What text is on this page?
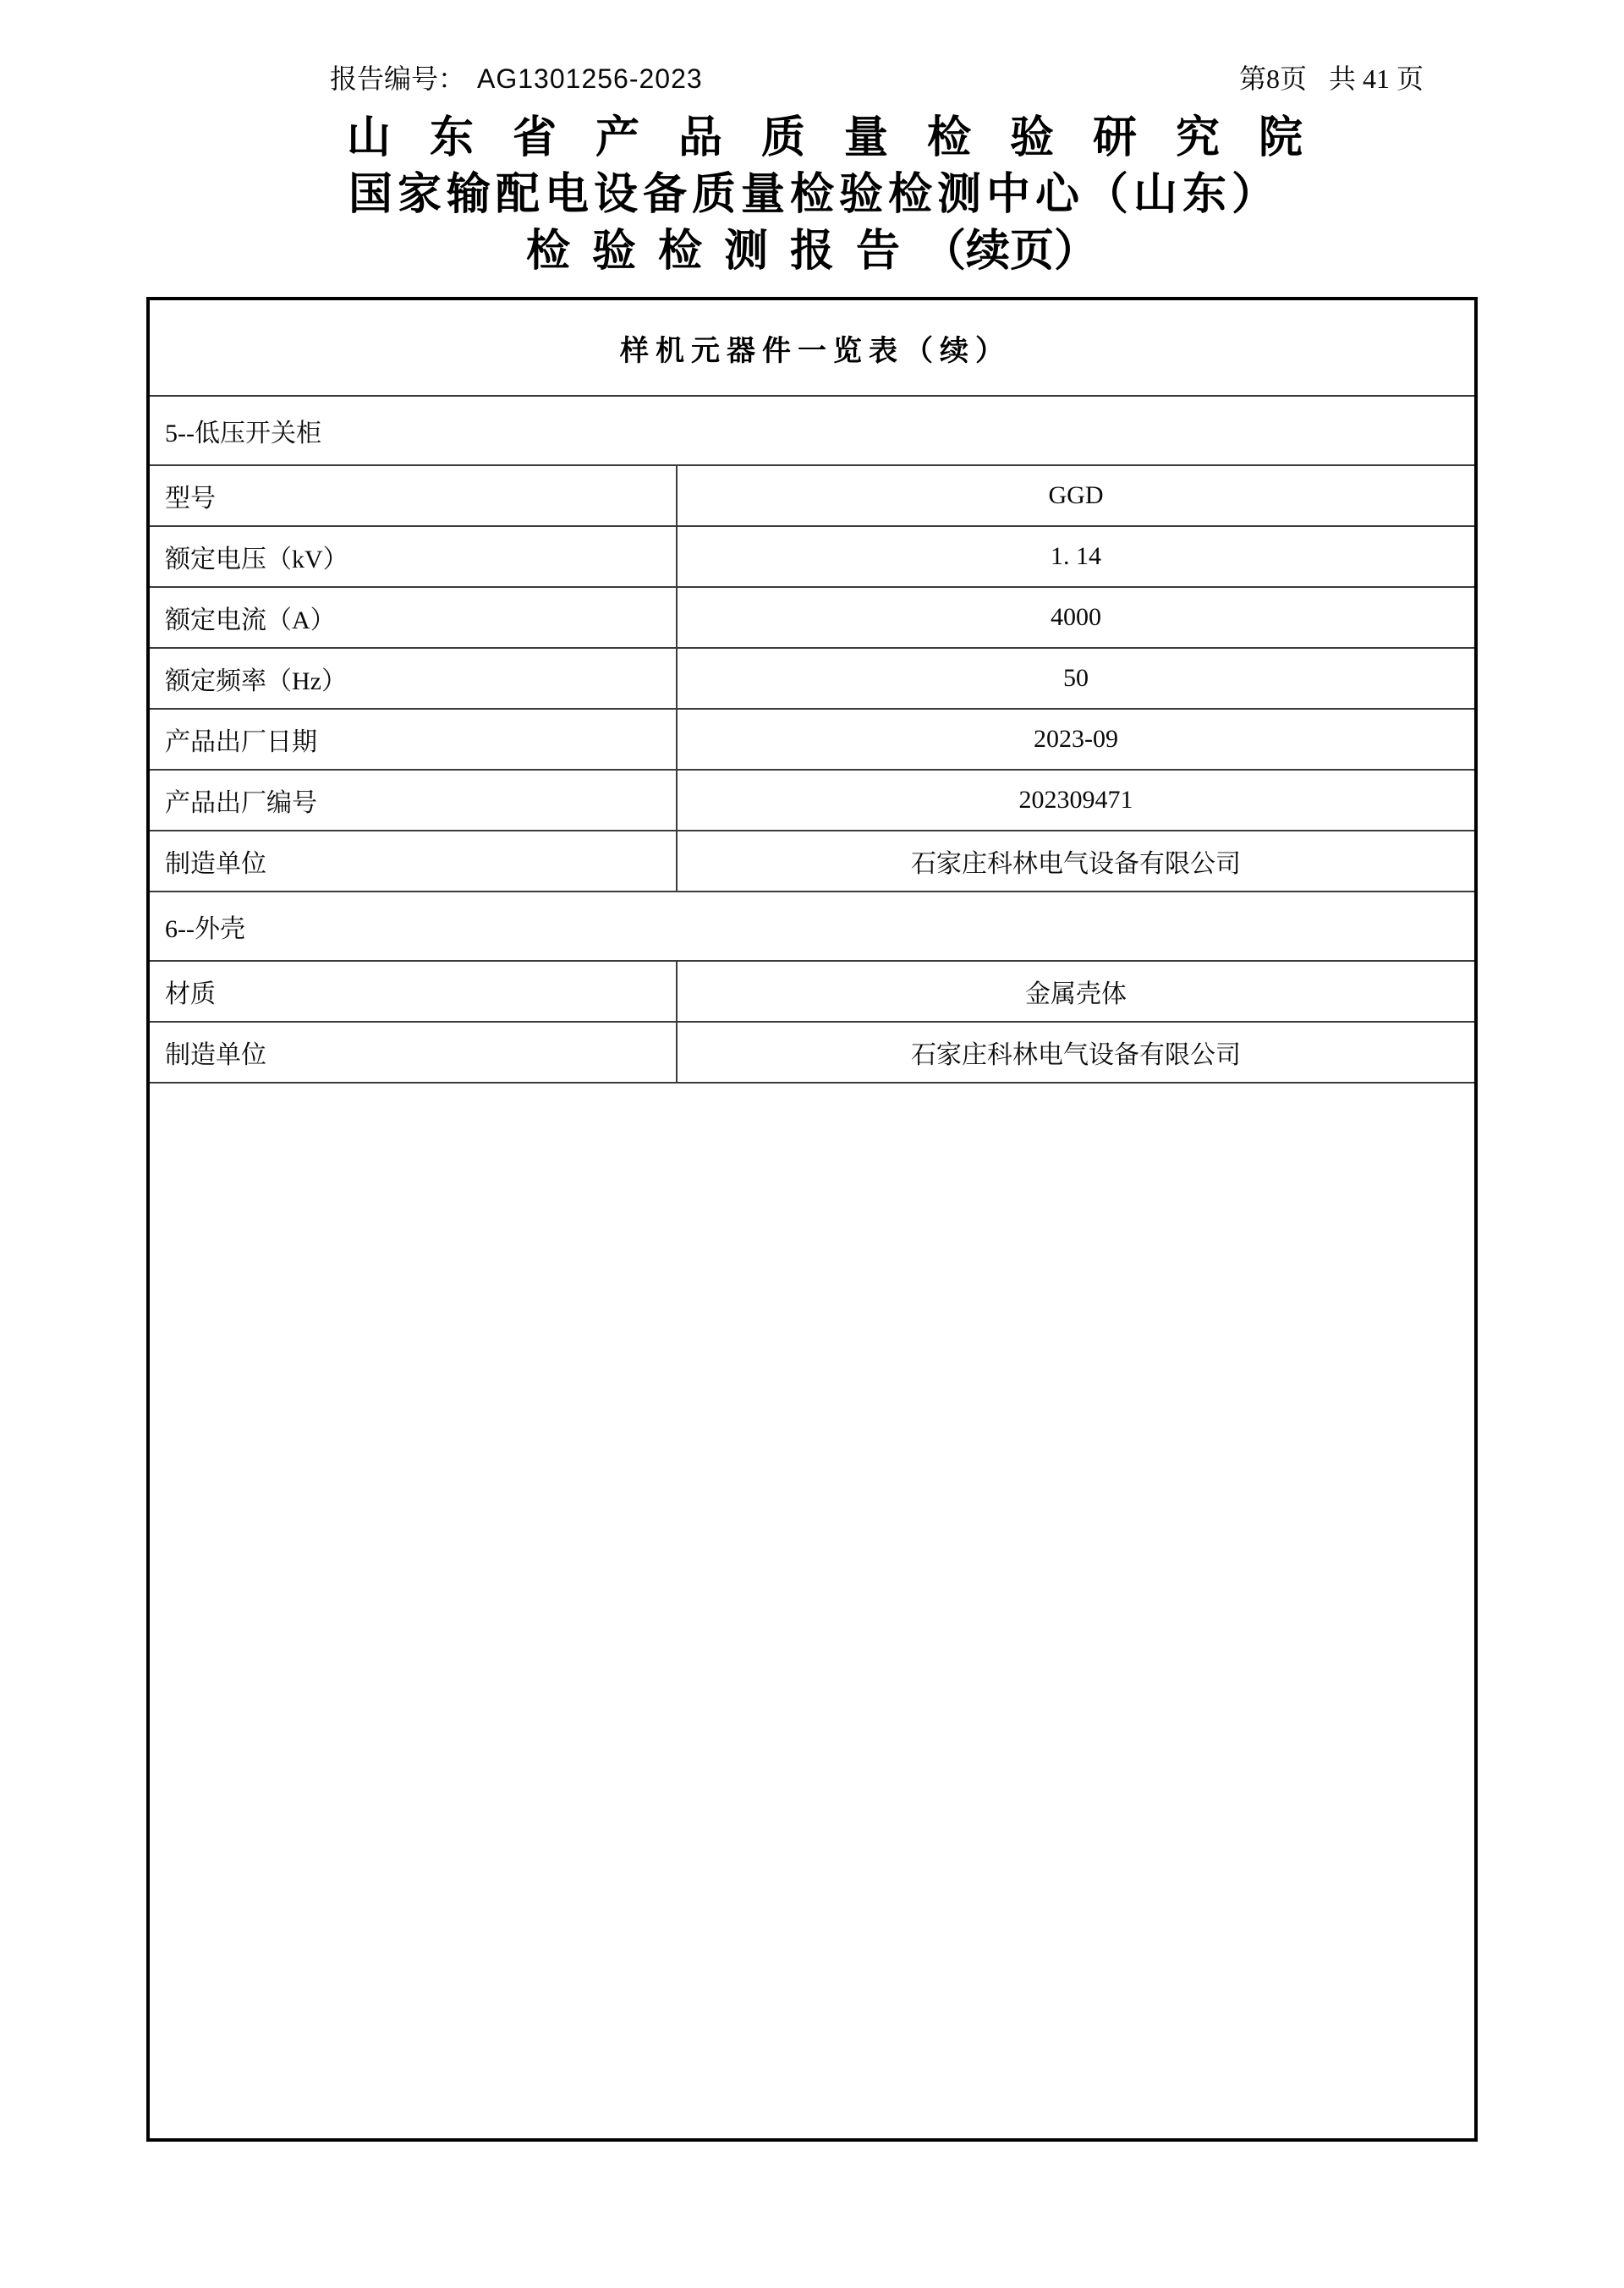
报告编号： AG1301256-2023	第8页 共 41 页
山东省产品质量检验研究院
国家输配电设备质量检验检测中心（山东）
检验检测报告（续页）
样机元器件一览表（续）
5--低压开关柜
型号	GGD
额定电压（kV）	1. 14
额定电流（A）	4000
额定频率（Hz）	50
产品出厂日期	2023-09
产品出厂编号	202309471
制造单位	石家庄科林电气设备有限公司
6--外壳
材质	金属壳体
制造单位	石家庄科林电气设备有限公司
